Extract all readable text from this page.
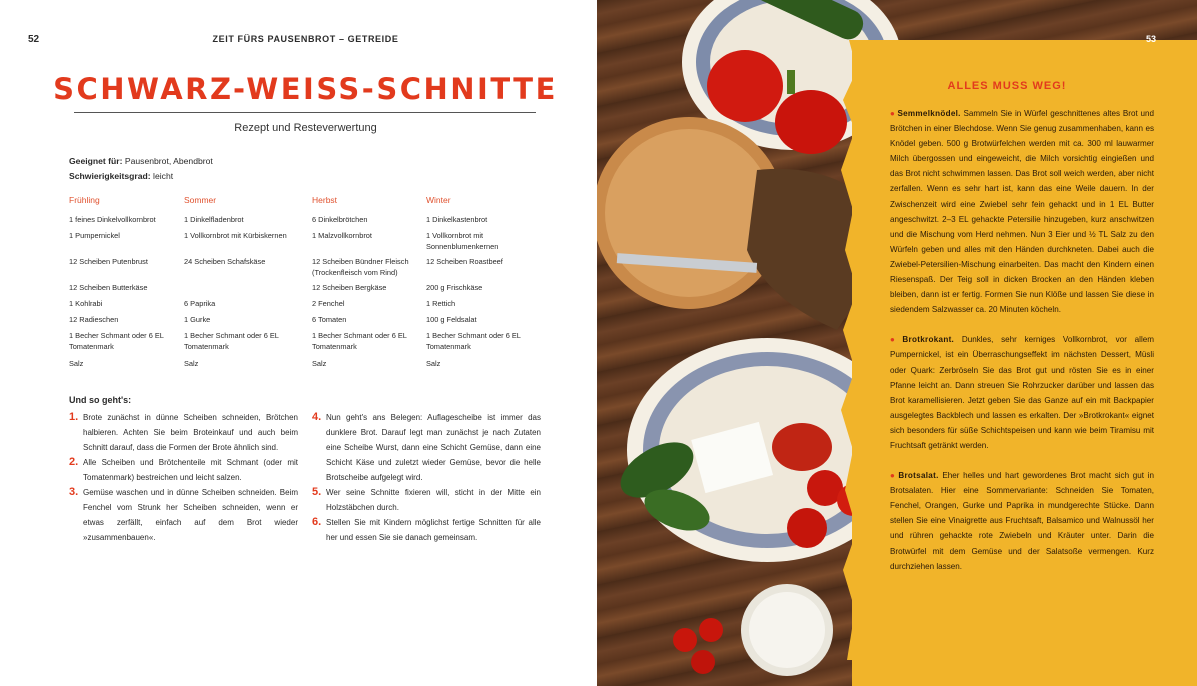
52	ZEIT FÜRS PAUSENBROT – GETREIDE
SCHWARZ-WEISS-SCHNITTE
Rezept und Resteverwertung
Geeignet für: Pausenbrot, Abendbrot
Schwierigkeitsgrad: leicht
Frühling
1 feines Dinkelvollkornbrot
1 Pumpernickel
12 Scheiben Putenbrust
12 Scheiben Butterkäse
1 Kohlrabi
12 Radieschen
1 Becher Schmant oder 6 EL Tomatenmark
Salz
Sommer
1 Dinkelfladenbrot
1 Vollkornbrot mit Kürbiskernen
24 Scheiben Schafskäse
6 Paprika
1 Gurke
1 Becher Schmant oder 6 EL Tomatenmark
Salz
Herbst
6 Dinkelbrötchen
1 Malzvollkornbrot
12 Scheiben Bündner Fleisch (Trockenfleisch vom Rind)
12 Scheiben Bergkäse
2 Fenchel
6 Tomaten
1 Becher Schmant oder 6 EL Tomatenmark
Salz
Winter
1 Dinkelkastenbrot
1 Vollkornbrot mit Sonnenblumenkernen
12 Scheiben Roastbeef
200 g Frischkäse
1 Rettich
100 g Feldsalat
1 Becher Schmant oder 6 EL Tomatenmark
Salz
Und so geht's:
1. Brote zunächst in dünne Scheiben schneiden, Brötchen halbieren. Achten Sie beim Broteinkauf und auch beim Schnitt darauf, dass die Formen der Brote ähnlich sind.
2. Alle Scheiben und Brötchenteile mit Schmant (oder mit Tomatenmark) bestreichen und leicht salzen.
3. Gemüse waschen und in dünne Scheiben schneiden. Beim Fenchel vom Strunk her Scheiben schneiden, wenn er etwas zerfällt, einfach auf dem Brot wieder »zusammenbauen«.
4. Nun geht's ans Belegen: Auflagescheibe ist immer das dunklere Brot. Darauf legt man zunächst je nach Zutaten eine Scheibe Wurst, dann eine Schicht Gemüse, dann eine Schicht Käse und zuletzt wieder Gemüse, bevor die helle Brotscheibe aufgelegt wird.
5. Wer seine Schnitte fixieren will, sticht in der Mitte ein Holzstäbchen durch.
6. Stellen Sie mit Kindern möglichst fertige Schnitten für alle her und essen Sie sie danach gemeinsam.
53
ALLES MUSS WEG!
● Semmelknödel. Sammeln Sie in Würfel geschnittenes altes Brot und Brötchen in einer Blechdose. Wenn Sie genug zusammenhaben, kann es Knödel geben. 500 g Brotwürfelchen werden mit ca. 300 ml lauwarmer Milch übergossen und eingeweicht, die Milch vorsichtig eingießen und das Brot nicht schwimmen lassen. Das Brot soll weich werden, aber nicht zerfallen. Wenn es sehr hart ist, kann das eine Weile dauern. In der Zwischenzeit wird eine Zwiebel sehr fein gehackt und in 1 EL Butter angeschwitzt. 2–3 EL gehackte Petersilie hinzugeben, kurz anschwitzen und die Mischung vom Herd nehmen. Nun 3 Eier und ½ TL Salz zu den Würfeln geben und alles mit den Händen durchkneten. Dabei auch die Zwiebel-Petersilien-Mischung einarbeiten. Das macht den Kindern einen Riesenspaß. Der Teig soll in dicken Brocken an den Händen kleben bleiben, dann ist er fertig. Formen Sie nun Klöße und lassen Sie diese in siedendem Salzwasser ca. 20 Minuten köcheln.
● Brotkrokant. Dunkles, sehr kerniges Vollkornbrot, vor allem Pumpernickel, ist ein Überraschungseffekt im nächsten Dessert, Müsli oder Quark: Zerbröseln Sie das Brot gut und rösten Sie es in einer Pfanne leicht an. Dann streuen Sie Rohrzucker darüber und lassen das Brot karamellisieren. Jetzt geben Sie das Ganze auf ein mit Backpapier ausgelegtes Backblech und lassen es erkalten. Der »Brotkrokant« eignet sich besonders für süße Schichtspeisen und kann wie beim Tiramisu mit Fruchtsaft getränkt werden.
● Brotsalat. Eher helles und hart gewordenes Brot macht sich gut in Brotsalaten. Hier eine Sommervariante: Schneiden Sie Tomaten, Fenchel, Orangen, Gurke und Paprika in mundgerechte Stücke. Dann stellen Sie eine Vinaigrette aus Fruchtsaft, Balsamico und Walnussöl her und rühren gehackte rote Zwiebeln und Kräuter unter. Darin die Brotwürfel mit dem Gemüse und der Salatsoße vermengen. Kurz durchziehen lassen.
